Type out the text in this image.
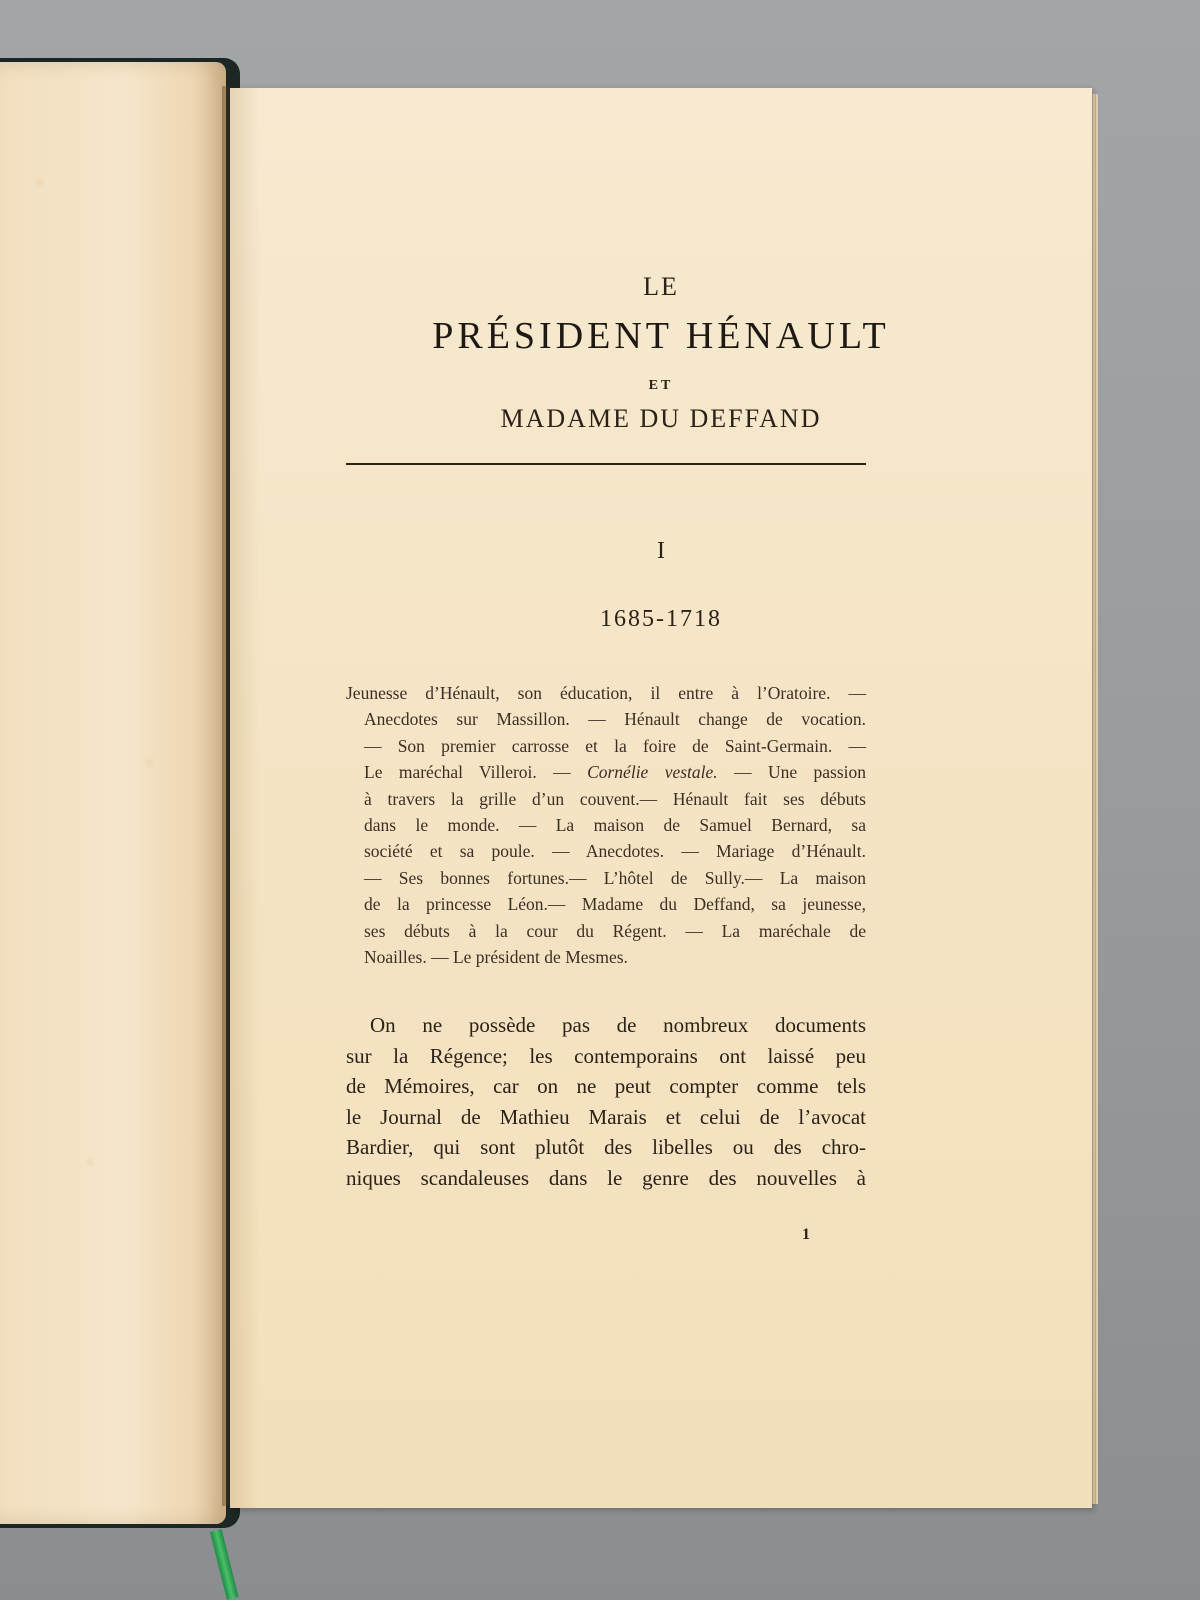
LE
PRÉSIDENT HÉNAULT
ET
MADAME DU DEFFAND
I
1685-1718
Jeunesse d’Hénault, son éducation, il entre à l’Oratoire. —
Anecdotes sur Massillon. — Hénault change de vocation.
— Son premier carrosse et la foire de Saint-Germain. —
Le maréchal Villeroi. — Cornélie vestale. — Une passion
à travers la grille d’un couvent.— Hénault fait ses débuts
dans le monde. — La maison de Samuel Bernard, sa
société et sa poule. — Anecdotes. — Mariage d’Hénault.
— Ses bonnes fortunes.— L’hôtel de Sully.— La maison
de la princesse Léon.— Madame du Deffand, sa jeunesse,
ses débuts à la cour du Régent. — La maréchale de
Noailles. — Le président de Mesmes.
On ne possède pas de nombreux documents
sur la Régence; les contemporains ont laissé peu
de Mémoires, car on ne peut compter comme tels
le Journal de Mathieu Marais et celui de l’avocat
Bardier, qui sont plutôt des libelles ou des chro-
niques scandaleuses dans le genre des nouvelles à
1
